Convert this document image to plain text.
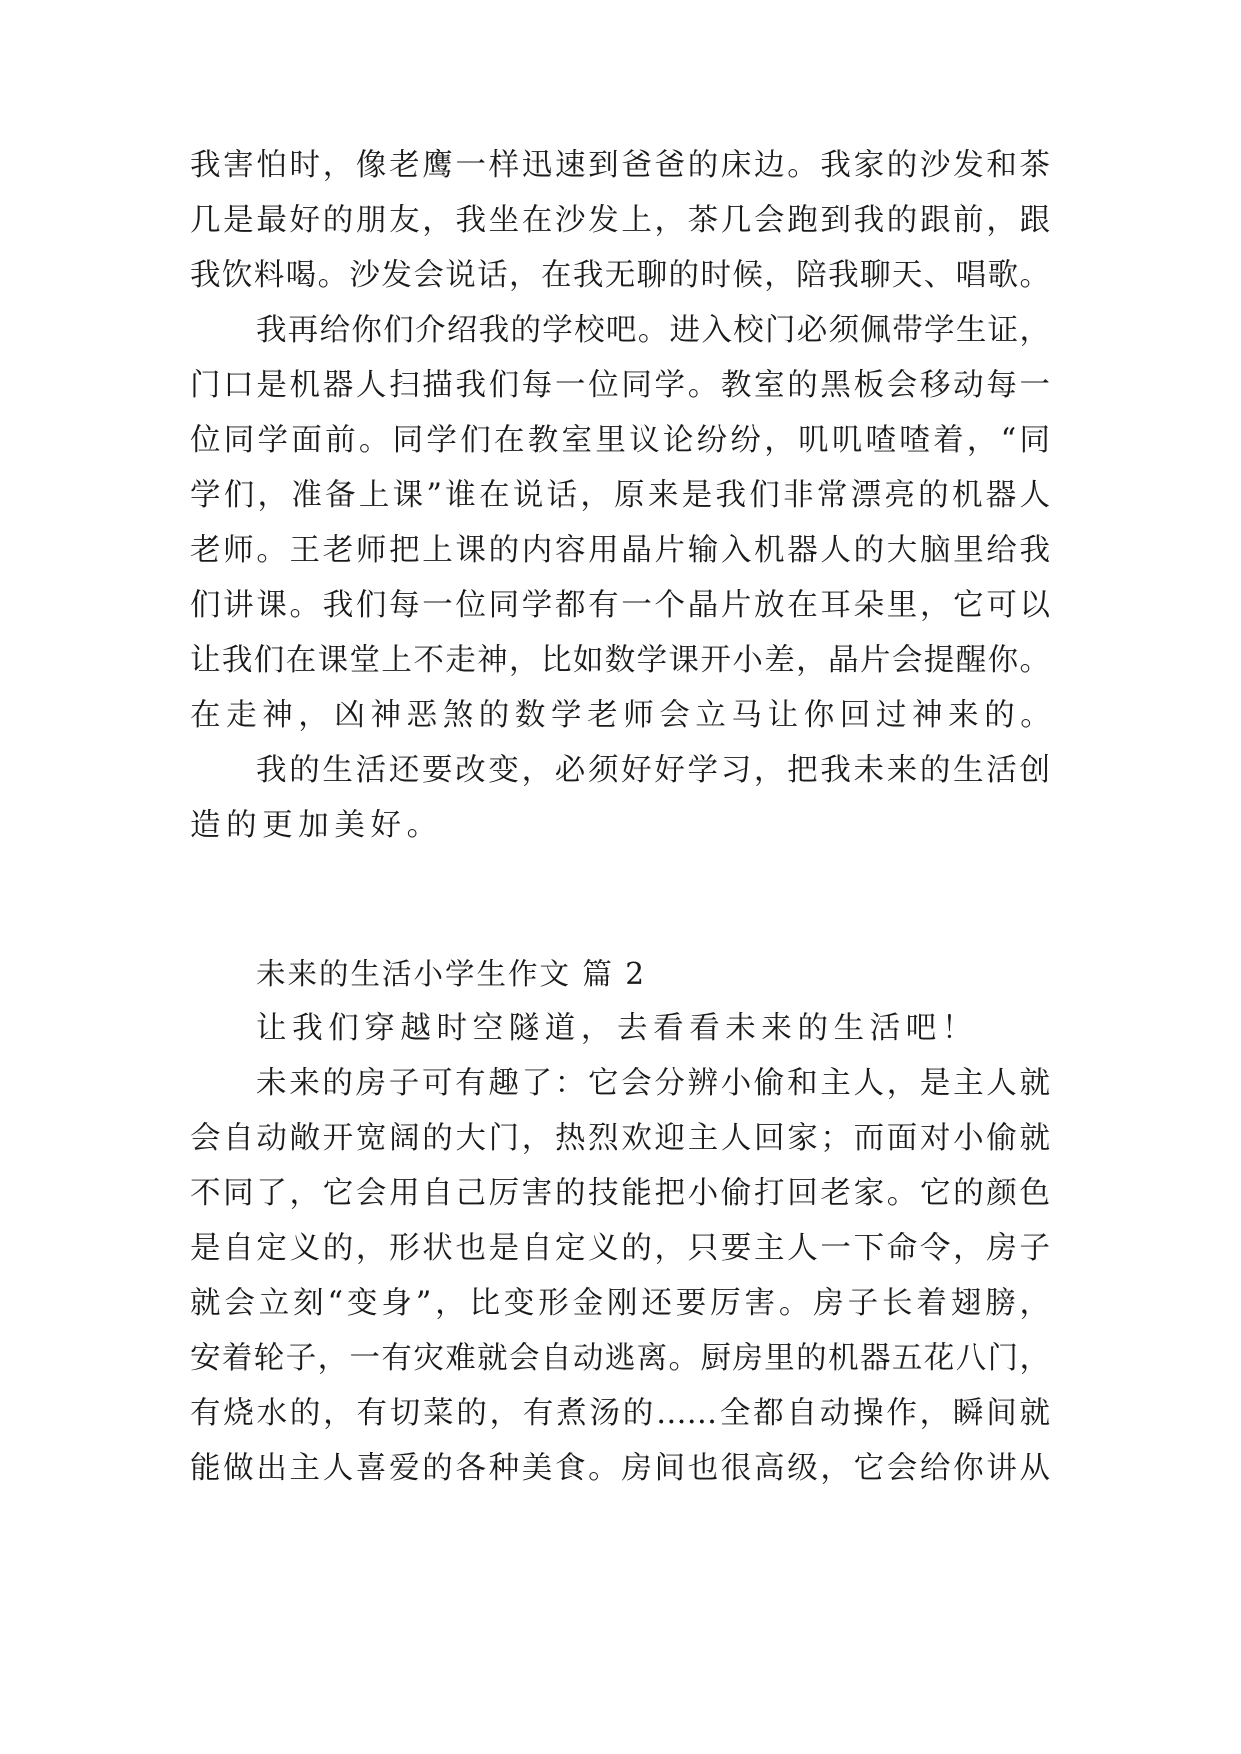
我害怕时，像老鹰一样迅速到爸爸的床边。我家的沙发和茶
几是最好的朋友，我坐在沙发上，茶几会跑到我的跟前，跟
我饮料喝。沙发会说话，在我无聊的时候，陪我聊天、唱歌。
我再给你们介绍我的学校吧。进入校门必须佩带学生证，
门口是机器人扫描我们每一位同学。教室的黑板会移动每一
位同学面前。同学们在教室里议论纷纷，叽叽喳喳着，“同
学们，准备上课”谁在说话，原来是我们非常漂亮的机器人
老师。王老师把上课的内容用晶片输入机器人的大脑里给我
们讲课。我们每一位同学都有一个晶片放在耳朵里，它可以
让我们在课堂上不走神，比如数学课开小差，晶片会提醒你。
在走神，凶神恶煞的数学老师会立马让你回过神来的。
我的生活还要改变，必须好好学习，把我未来的生活创
造的更加美好。
未来的生活小学生作文 篇 2
让我们穿越时空隧道，去看看未来的生活吧！
未来的房子可有趣了：它会分辨小偷和主人，是主人就
会自动敞开宽阔的大门，热烈欢迎主人回家；而面对小偷就
不同了，它会用自己厉害的技能把小偷打回老家。它的颜色
是自定义的，形状也是自定义的，只要主人一下命令，房子
就会立刻“变身”，比变形金刚还要厉害。房子长着翅膀，
安着轮子，一有灾难就会自动逃离。厨房里的机器五花八门，
有烧水的，有切菜的，有煮汤的……全都自动操作，瞬间就
能做出主人喜爱的各种美食。房间也很高级，它会给你讲从
